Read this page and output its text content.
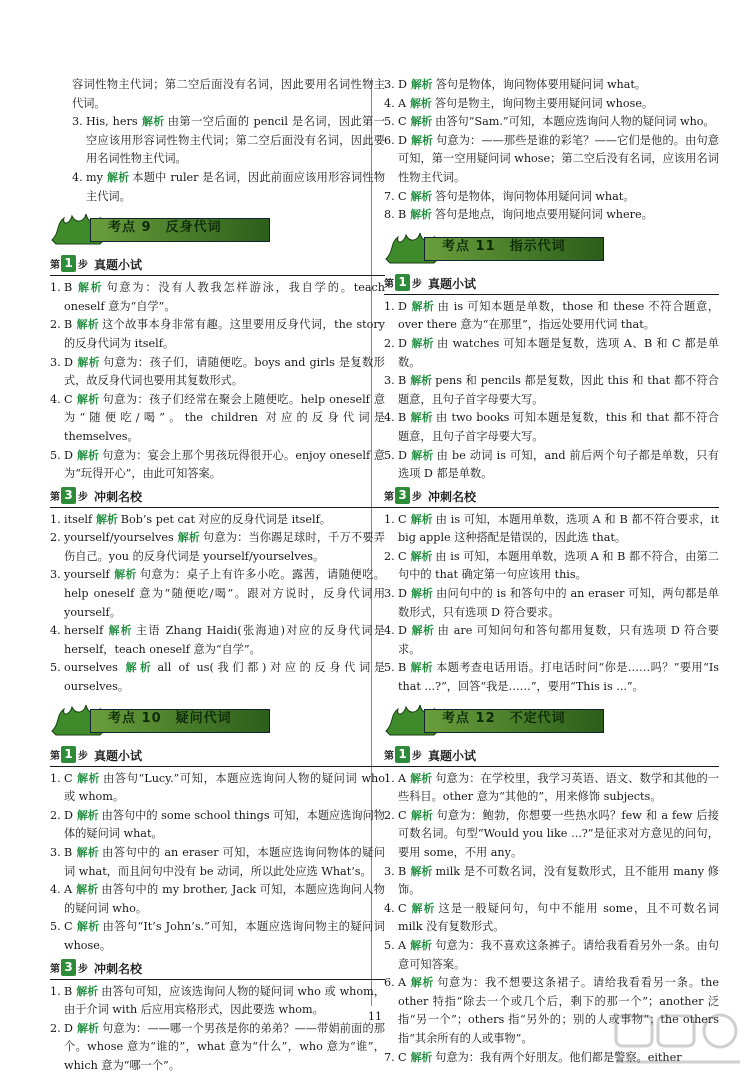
容词性物主代词；第二空后面没有名词，因此要用名词性物主代词。
3. His, hers 解析 由第一空后面的 pencil 是名词，因此第一空应该用形容词性物主代词；第二空后面没有名词，因此要用名词性物主代词。
4. my 解析 本题中 ruler 是名词，因此前面应该用形容词性物主代词。
考点 9　反身代词
第 1 步 真题小试
1. B 解析 句意为：没有人教我怎样游泳，我自学的。teach oneself 意为“自学”。
2. B 解析 这个故事本身非常有趣。这里要用反身代词，the story 的反身代词为 itself。
3. D 解析 句意为：孩子们，请随便吃。boys and girls 是复数形式，故反身代词也要用其复数形式。
4. C 解析 句意为：孩子们经常在聚会上随便吃。help oneself 意为“随便吃/喝”。the children 对应的反身代词是 themselves。
5. D 解析 句意为：宴会上那个男孩玩得很开心。enjoy oneself 意为“玩得开心”，由此可知答案。
第 3 步 冲刺名校
1. itself 解析 Bob’s pet cat 对应的反身代词是 itself。
2. yourself/yourselves 解析 句意为：当你踢足球时，千万不要弄伤自己。you 的反身代词是 yourself/yourselves。
3. yourself 解析 句意为：桌子上有许多小吃。露茜，请随便吃。help oneself 意为“随便吃/喝”。跟对方说时，反身代词用 yourself。
4. herself 解析 主语 Zhang Haidi(张海迪)对应的反身代词是 herself，teach oneself 意为“自学”。
5. ourselves 解析 all of us(我们都)对应的反身代词是 ourselves。
考点 10　疑问代词
第 1 步 真题小试
1. C 解析 由答句“Lucy.”可知，本题应选询问人物的疑问词 who 或 whom。
2. D 解析 由答句中的 some school things 可知，本题应选询问物体的疑问词 what。
3. B 解析 由答句中的 an eraser 可知，本题应选询问物体的疑问词 what，而且问句中没有 be 动词，所以此处应选 What’s。
4. A 解析 由答句中的 my brother, Jack 可知，本题应选询问人物的疑问词 who。
5. C 解析 由答句“It’s John’s.”可知，本题应选询问物主的疑问词 whose。
第 3 步 冲刺名校
1. B 解析 由答句可知，应该选询问人物的疑问词 who 或 whom，由于介词 with 后应用宾格形式，因此要选 whom。
2. D 解析 句意为：——哪一个男孩是你的弟弟？——带娟前面的那个。whose 意为“谁的”，what 意为“什么”，who 意为“谁”，which 意为“哪一个”。
3. D 解析 答句是物体，询问物体要用疑问词 what。
4. A 解析 答句是物主，询问物主要用疑问词 whose。
5. C 解析 由答句“Sam.”可知，本题应选询问人物的疑问词 who。
6. D 解析 句意为：——那些是谁的彩笔？——它们是他的。由句意可知，第一空用疑问词 whose；第二空后没有名词，应该用名词性物主代词。
7. C 解析 答句是物体，询问物体用疑问词 what。
8. B 解析 答句是地点，询问地点要用疑问词 where。
考点 11　指示代词
第 1 步 真题小试
1. D 解析 由 is 可知本题是单数，those 和 these 不符合题意，over there 意为“在那里”，指远处要用代词 that。
2. D 解析 由 watches 可知本题是复数，选项 A、B 和 C 都是单数。
3. B 解析 pens 和 pencils 都是复数，因此 this 和 that 都不符合题意，且句子首字母要大写。
4. B 解析 由 two books 可知本题是复数，this 和 that 都不符合题意，且句子首字母要大写。
5. D 解析 由 be 动词 is 可知，and 前后两个句子都是单数，只有选项 D 都是单数。
第 3 步 冲刺名校
1. C 解析 由 is 可知，本题用单数，选项 A 和 B 都不符合要求，it big apple 这种搭配是错误的，因此选 that。
2. C 解析 由 is 可知，本题用单数，选项 A 和 B 都不符合，由第二句中的 that 确定第一句应该用 this。
3. D 解析 由问句中的 is 和答句中的 an eraser 可知，两句都是单数形式，只有选项 D 符合要求。
4. D 解析 由 are 可知问句和答句都用复数，只有选项 D 符合要求。
5. B 解析 本题考查电话用语。打电话时问“你是……吗？”要用“Is that ...?”，回答“我是……”，要用“This is ...”。
考点 12　不定代词
第 1 步 真题小试
1. A 解析 句意为：在学校里，我学习英语、语文、数学和其他的一些科目。other 意为“其他的”，用来修饰 subjects。
2. C 解析 句意为：鲍勃，你想要一些热水吗？few 和 a few 后接可数名词。句型“Would you like ...?”是征求对方意见的问句，要用 some，不用 any。
3. B 解析 milk 是不可数名词，没有复数形式，且不能用 many 修饰。
4. C 解析 这是一般疑问句，句中不能用 some，且不可数名词 milk 没有复数形式。
5. A 解析 句意为：我不喜欢这条裤子。请给我看看另外一条。由句意可知答案。
6. A 解析 句意为：我不想要这条裙子。请给我看看另一条。the other 特指“除去一个或几个后，剩下的那一个”；another 泛指“另一个”；others 指“另外的；别的人或事物”；the others 指“其余所有的人或事物”。
7. C 解析 句意为：我有两个好朋友。他们都是警察。either
11
